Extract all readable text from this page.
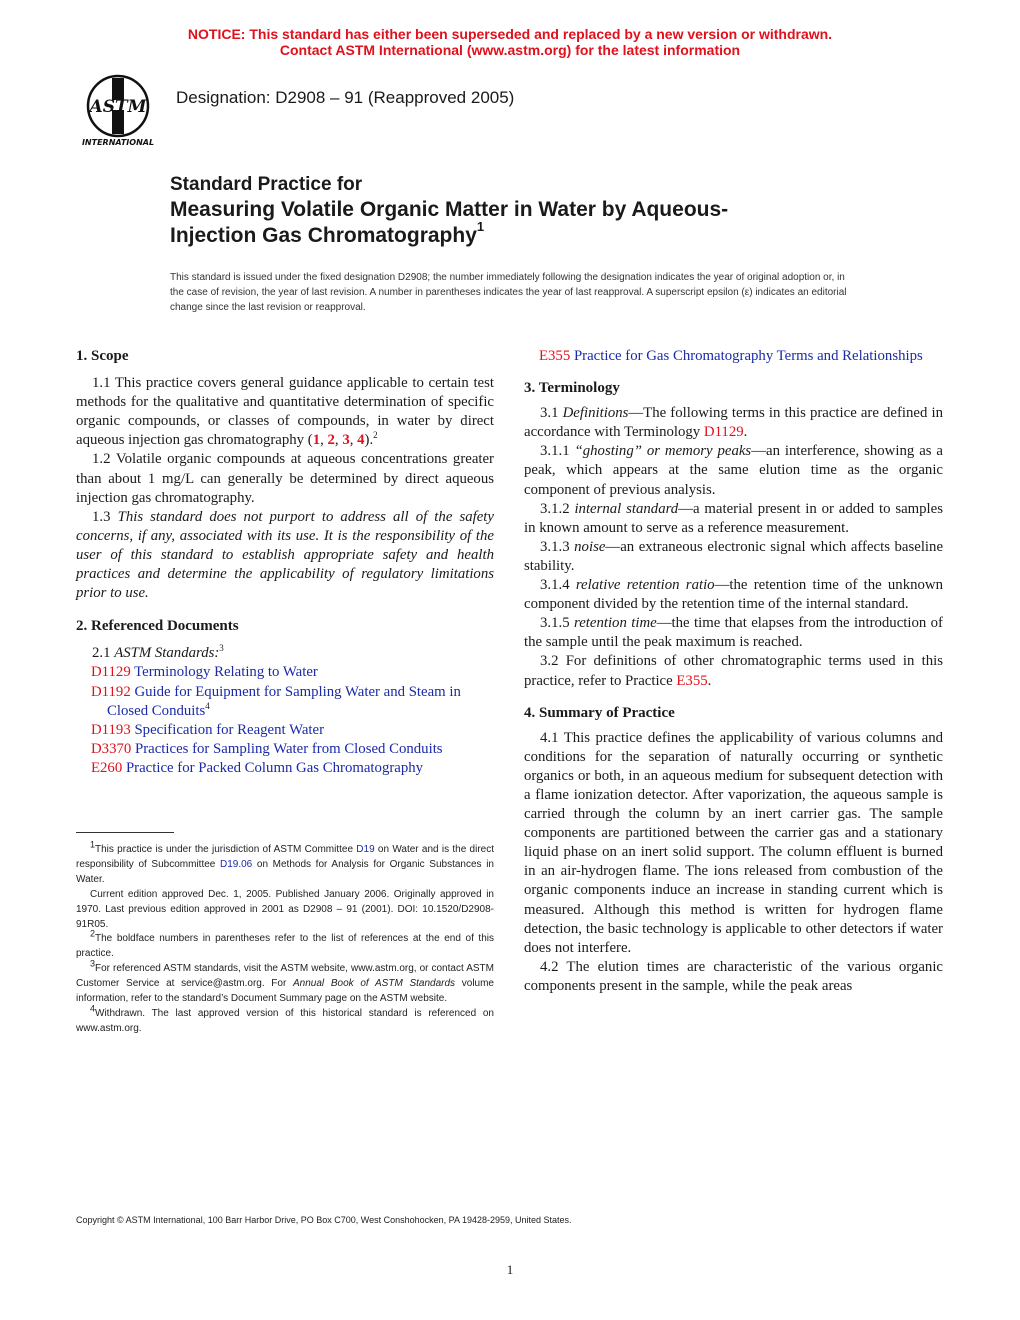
NOTICE: This standard has either been superseded and replaced by a new version or withdrawn.
Contact ASTM International (www.astm.org) for the latest information
ASTM
INTERNATIONAL
Designation: D2908 – 91 (Reapproved 2005)
Standard Practice for
Measuring Volatile Organic Matter in Water by Aqueous-
Injection Gas Chromatography$^1$
This standard is issued under the fixed designation D2908; the number immediately following the designation indicates the year of original adoption or, in the case of revision, the year of last revision. A number in parentheses indicates the year of last reapproval. A superscript epsilon (ε) indicates an editorial change since the last revision or reapproval.

1. Scope

1.1 This practice covers general guidance applicable to certain test methods for the qualitative and quantitative determination of specific organic compounds, or classes of compounds, in water by direct aqueous injection gas chromatography (1, 2, 3, 4).$^2$

1.2 Volatile organic compounds at aqueous concentrations greater than about 1 mg/L can generally be determined by direct aqueous injection gas chromatography.

1.3 This standard does not purport to address all of the safety concerns, if any, associated with its use. It is the responsibility of the user of this standard to establish appropriate safety and health practices and determine the applicability of regulatory limitations prior to use.

2. Referenced Documents

2.1 ASTM Standards:$^3$

D1129 Terminology Relating to Water

D1192 Guide for Equipment for Sampling Water and Steam in Closed Conduits$^4$

D1193 Specification for Reagent Water

D3370 Practices for Sampling Water from Closed Conduits

E260 Practice for Packed Column Gas Chromatography

E355 Practice for Gas Chromatography Terms and Relationships

3. Terminology

3.1 Definitions—The following terms in this practice are defined in accordance with Terminology D1129.

3.1.1 “ghosting” or memory peaks—an interference, showing as a peak, which appears at the same elution time as the organic component of previous analysis.

3.1.2 internal standard—a material present in or added to samples in known amount to serve as a reference measurement.

3.1.3 noise—an extraneous electronic signal which affects baseline stability.

3.1.4 relative retention ratio—the retention time of the unknown component divided by the retention time of the internal standard.

3.1.5 retention time—the time that elapses from the introduction of the sample until the peak maximum is reached.

3.2 For definitions of other chromatographic terms used in this practice, refer to Practice E355.

4. Summary of Practice

4.1 This practice defines the applicability of various columns and conditions for the separation of naturally occurring or synthetic organics or both, in an aqueous medium for subsequent detection with a flame ionization detector. After vaporization, the aqueous sample is carried through the column by an inert carrier gas. The sample components are partitioned between the carrier gas and a stationary liquid phase on an inert solid support. The column effluent is burned in an air-hydrogen flame. The ions released from combustion of the organic components induce an increase in standing current which is measured. Although this method is written for hydrogen flame detection, the basic technology is applicable to other detectors if water does not interfere.

4.2 The elution times are characteristic of the various organic components present in the sample, while the peak areas

$^1$This practice is under the jurisdiction of ASTM Committee D19 on Water and is the direct responsibility of Subcommittee D19.06 on Methods for Analysis for Organic Substances in Water.

Current edition approved Dec. 1, 2005. Published January 2006. Originally approved in 1970. Last previous edition approved in 2001 as D2908 – 91 (2001). DOI: 10.1520/D2908-91R05.

$^2$The boldface numbers in parentheses refer to the list of references at the end of this practice.

$^3$For referenced ASTM standards, visit the ASTM website, www.astm.org, or contact ASTM Customer Service at service@astm.org. For Annual Book of ASTM Standards volume information, refer to the standard’s Document Summary page on the ASTM website.

$^4$Withdrawn. The last approved version of this historical standard is referenced on www.astm.org.

Copyright © ASTM International, 100 Barr Harbor Drive, PO Box C700, West Conshohocken, PA 19428-2959, United States.
1
